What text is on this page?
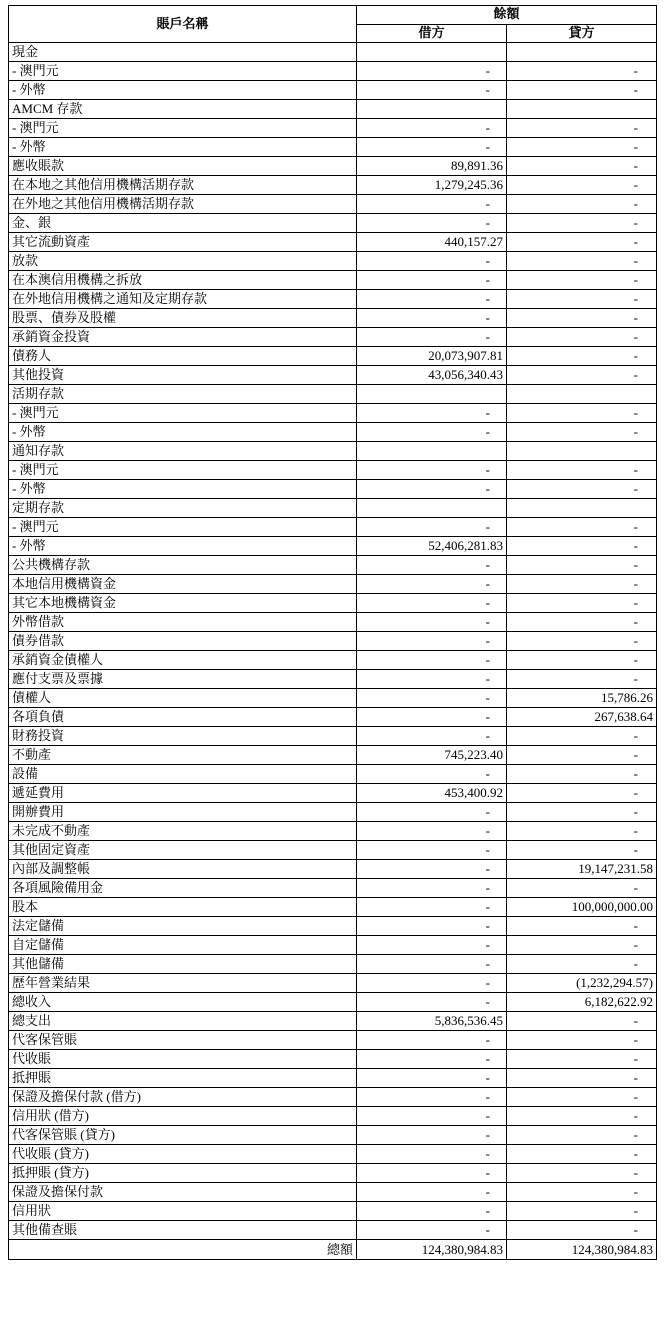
賬戶名稱	餘額	
	借方	貸方
現金		
- 澳門元	-	-
- 外幣	-	-
AMCM 存款		
- 澳門元	-	-
- 外幣	-	-
應收賬款	89,891.36	-
在本地之其他信用機構活期存款	1,279,245.36	-
在外地之其他信用機構活期存款	-	-
金、銀	-	-
其它流動資產	440,157.27	-
放款	-	-
在本澳信用機構之拆放	-	-
在外地信用機構之通知及定期存款	-	-
股票、債券及股權	-	-
承銷資金投資	-	-
債務人	20,073,907.81	-
其他投資	43,056,340.43	-
活期存款		
- 澳門元	-	-
- 外幣	-	-
通知存款		
- 澳門元	-	-
- 外幣	-	-
定期存款		
- 澳門元	-	-
- 外幣	52,406,281.83	-
公共機構存款	-	-
本地信用機構資金	-	-
其它本地機構資金	-	-
外幣借款	-	-
債券借款	-	-
承銷資金債權人	-	-
應付支票及票據	-	-
債權人	-	15,786.26
各項負債	-	267,638.64
財務投資	-	-
不動產	745,223.40	-
設備	-	-
遞延費用	453,400.92	-
開辦費用	-	-
未完成不動產	-	-
其他固定資產	-	-
內部及調整帳	-	19,147,231.58
各項風險備用金	-	-
股本	-	100,000,000.00
法定儲備	-	-
自定儲備	-	-
其他儲備	-	-
歷年營業結果	-	(1,232,294.57)
總收入	-	6,182,622.92
總支出	5,836,536.45	-
代客保管賬	-	-
代收賬	-	-
抵押賬	-	-
保證及擔保付款 (借方)	-	-
信用狀 (借方)	-	-
代客保管賬 (貸方)	-	-
代收賬 (貸方)	-	-
抵押賬 (貸方)	-	-
保證及擔保付款	-	-
信用狀	-	-
其他備查賬	-	-
總額	124,380,984.83	124,380,984.83
